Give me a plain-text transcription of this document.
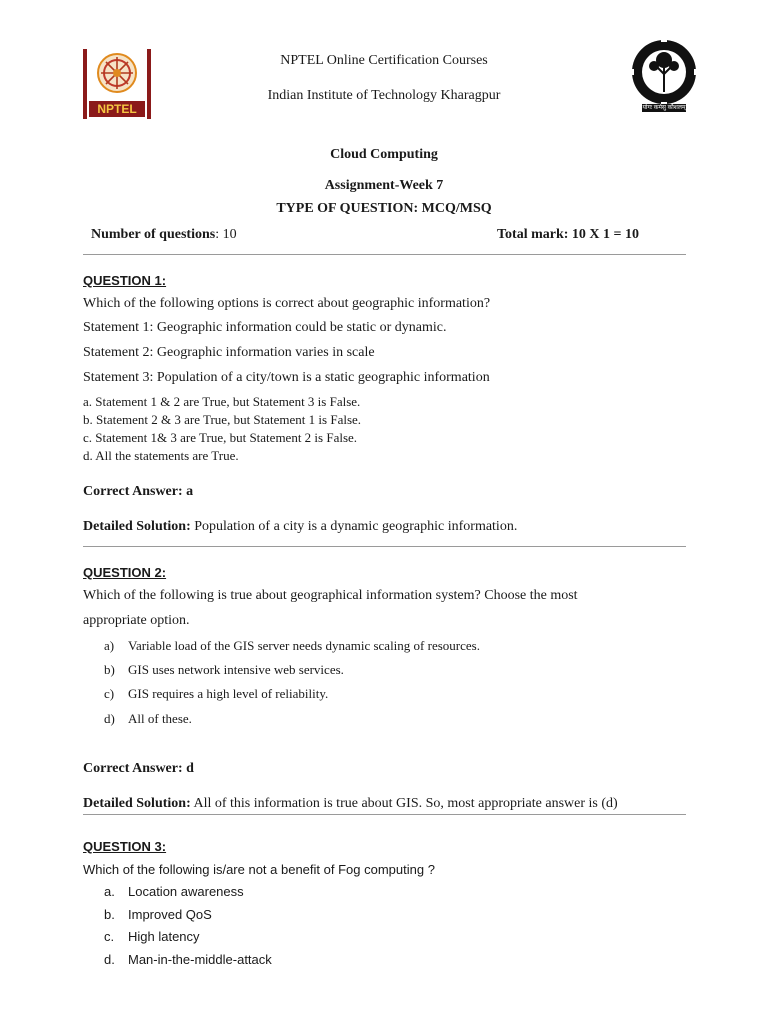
NPTEL	योगः कर्मसु कौशलम्
NPTEL Online Certification Courses
Indian Institute of Technology Kharagpur
Cloud Computing
Assignment-Week 7
TYPE OF QUESTION: MCQ/MSQ
Number of questions: 10	Total mark: 10 X 1 = 10
QUESTION 1:
Which of the following options is correct about geographic information?
Statement 1: Geographic information could be static or dynamic.
Statement 2: Geographic information varies in scale
Statement 3: Population of a city/town is a static geographic information
a. Statement 1 & 2 are True, but Statement 3 is False.
b. Statement 2 & 3 are True, but Statement 1 is False.
c. Statement 1& 3 are True, but Statement 2 is False.
d. All the statements are True.
Correct Answer: a
Detailed Solution: Population of a city is a dynamic geographic information.
QUESTION 2:
Which of the following is true about geographical information system? Choose the most
appropriate option.
a) Variable load of the GIS server needs dynamic scaling of resources.
b) GIS uses network intensive web services.
c) GIS requires a high level of reliability.
d) All of these.
Correct Answer: d
Detailed Solution: All of this information is true about GIS. So, most appropriate answer is (d)
QUESTION 3:
Which of the following is/are not a benefit of Fog computing ?
a. Location awareness
b. Improved QoS
c. High latency
d. Man-in-the-middle-attack
